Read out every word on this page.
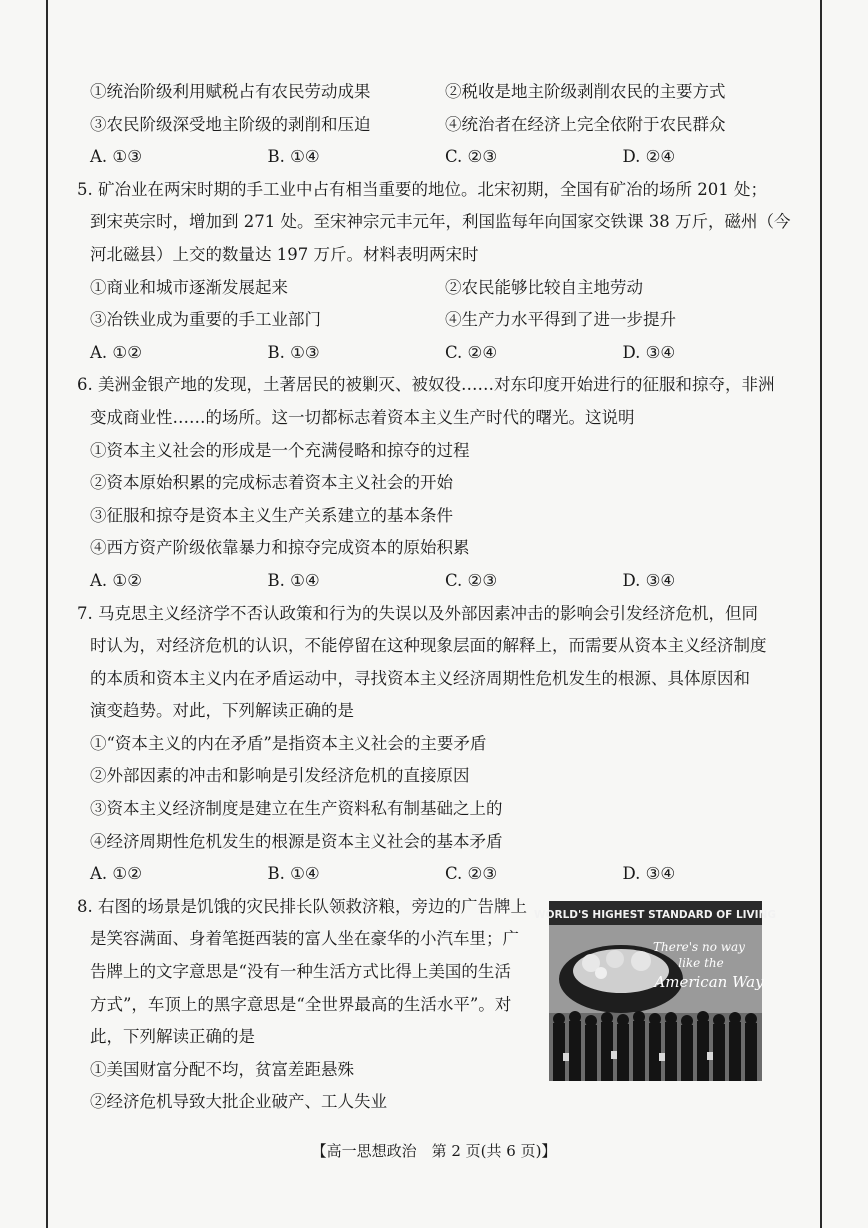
①统治阶级利用赋税占有农民劳动成果	②税收是地主阶级剥削农民的主要方式
③农民阶级深受地主阶级的剥削和压迫	④统治者在经济上完全依附于农民群众
A. ①③	B. ①④	C. ②③	D. ②④
5. 矿冶业在两宋时期的手工业中占有相当重要的地位。北宋初期，全国有矿冶的场所 201 处；
到宋英宗时，增加到 271 处。至宋神宗元丰元年，利国监每年向国家交铁课 38 万斤，磁州（今
河北磁县）上交的数量达 197 万斤。材料表明两宋时
①商业和城市逐渐发展起来	②农民能够比较自主地劳动
③冶铁业成为重要的手工业部门	④生产力水平得到了进一步提升
A. ①②	B. ①③	C. ②④	D. ③④
6. 美洲金银产地的发现，土著居民的被剿灭、被奴役……对东印度开始进行的征服和掠夺，非洲
变成商业性……的场所。这一切都标志着资本主义生产时代的曙光。这说明
①资本主义社会的形成是一个充满侵略和掠夺的过程
②资本原始积累的完成标志着资本主义社会的开始
③征服和掠夺是资本主义生产关系建立的基本条件
④西方资产阶级依靠暴力和掠夺完成资本的原始积累
A. ①②	B. ①④	C. ②③	D. ③④
7. 马克思主义经济学不否认政策和行为的失误以及外部因素冲击的影响会引发经济危机，但同
时认为，对经济危机的认识，不能停留在这种现象层面的解释上，而需要从资本主义经济制度
的本质和资本主义内在矛盾运动中，寻找资本主义经济周期性危机发生的根源、具体原因和
演变趋势。对此，下列解读正确的是
①“资本主义的内在矛盾”是指资本主义社会的主要矛盾
②外部因素的冲击和影响是引发经济危机的直接原因
③资本主义经济制度是建立在生产资料私有制基础之上的
④经济周期性危机发生的根源是资本主义社会的基本矛盾
A. ①②	B. ①④	C. ②③	D. ③④
8. 右图的场景是饥饿的灾民排长队领救济粮，旁边的广告牌上
是笑容满面、身着笔挺西装的富人坐在豪华的小汽车里；广
告牌上的文字意思是“没有一种生活方式比得上美国的生活
方式”，车顶上的黑字意思是“全世界最高的生活水平”。对
此，下列解读正确的是
①美国财富分配不均，贫富差距悬殊
②经济危机导致大批企业破产、工人失业
WORLD'S HIGHEST STANDARD OF LIVING
There's no way
like the
American Way
【高一思想政治　第 2 页(共 6 页)】
